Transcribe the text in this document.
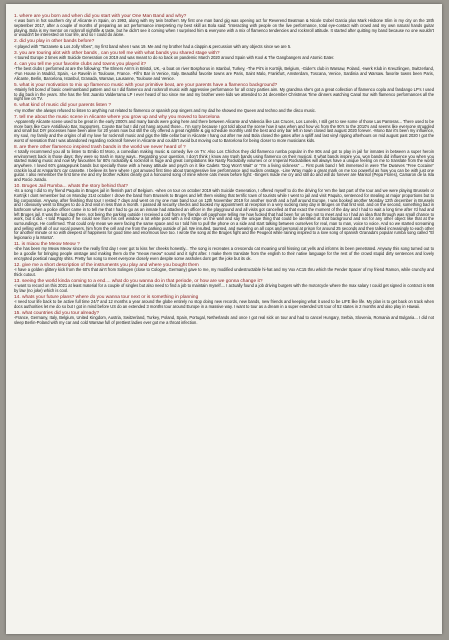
1. where are you born and when did you start with your One Man Band and why?

-I was born in hot southern city of Alicante in Spain, on 1993, along with my twin brother!. My first one man band gig was opening act for Reverend Beatman & Nicole Izobel Garcia plus Mark Hisbone Slim in my city on the 18th september 2017, after a couple of months of preparing an act performance interpreting my best skill as Bola said: "interacting with people on the live performance, total eye-contact with crowd and my own natural hands guitar playing. Bola is my mentor on rocknroll nightlife & taste, but he didn't see it coming when I surprised him & everyone with a mix of flamenco tendencies and rocknroll attitude. It started after quitting my band because no one wouldn't or wouldn't be interested on tour life, and so I could do alone.

2. did you play in other bands before?

-I played with "Tarzanete & Los Jolly Vibes", my first band when I was 19. Me and my brother had a clappin & percussion with any objects since we are 5.

3. you are touring alot with other bands , can you tell me with what bands you shared stage with?

-I toured Europe 2 times with Suicide Generation on 2019 and was meant to do so back on pandemic March 2020 around Spain with Kool & The Gangbangers and Atomic Eater.

4. can you tell me your favorite clubs and towns you played it?

-The best clubs I performed at are the following: The Elmers Arm's in Bristol, UK, -a boat on river Bosphorus in Istanbul, Turkey, -The Pit's in Kortrijk, Belgium, -Gider's club in Warsaw, Poland, -Iwerk Klub in Kreuzlingen, Switzerland, -Fun House in Madrid, Spain, -Le Ravelin in Toulouse, France. -Fifi's Bar in Venice, Italy. Beautiful favorite towns are Paris, Saint Malo, Frankfurt, Amsterdam, Toscana, Venice, Sardinia and Warsaw. favorite towns been Paris, Alicante, Berlin, Barcelona, Istanbul, Granada, Warsaw, Lausanne, Toulouse and Venice.

5. what is your motivation to mix up flamenco music with your primitive beat, are your parents have a flamenco background?

-Mainly felt bored of basic one/mamband pattern and so I did flamenco and rocknroll music with aggressive performance for all crazy parties aim. My grandma she's got a great collection of flamenco copla and fandango LP's I used to dig back in the years. She has the first Juanito Valderrama LP I ever heard of too since me and my brother were kids we attended to 24 december Christmas Time dinners watching Canal Sur with flamenco performances all the night live on TV.

6. what kind of music did your parents listen ?

-my mother she always refused to listen to anything not related to flamenco or spanish pop singers and my dad he showed me Queen and techno and the disco music.

7. tell me about the music scene in Alicante where you grow up and why you moved to barcelona

-Apparently Alicante scene used to be great in the early 2000's and many bands were going here and there between Alicante and Valencia like Las Cruces, Los Lonelin, I still get to see some of those Las Panteras... There used to be more bars like Cure Antidiluvio Bar, Supporters, Coyote Bar but I did not hang around those... I'm sorry because I got told about the scene how it was when and how vic from the 90's to the 2010's and seems like everyone struggled and small but DIY processes have been alive for 20 years now but still the city offered a great nightlife & gig schedule monthly until the best and only bar left in town closed last august 2020 forever. -Mono Bar it's been my influence, my soul, my family and the origins of all my love for rocknroll music and gigs the little cellar bar in Alicante I hang out after me and Bola closed the gates after a spliff and last vinyl ripping afterhours on mid august past 2020 I got the worst of sensation that I was abandoned regarding rocknroll forever in Alicante and couldn't avoid but moving out to Barcelona for being closer to more musicians kids.

8. are there other flamenco inspired trash bands in the world we never heard of ?

-I totally recommend you all to listen to Emilio El Moro, a comedian making music & comedy live on TV. Also Los Chichos they did flamenco rumba popular in the 80s and got to play in jail for inmates in between a super heroin environment back in those days; they were so trash in many ways.. Regarding your question, I don't think I know any trash bands using flamenco on their musical. It what bands inspire you, won bands did influence you when you started making music and now My favourites for 80's rockabilly & rocknroll is huge and great compilations like Nasty Rockabilly volumes or or Imperial Rockabillies will always have a unique feeling on me to translate from the world anywhere. I loved 60's garagepunk bands but specially those with a heavy attitude and psych on it like Cadets "Dog Won't Wait" or "I'm a living sickness" ... First punk band I felt immersed in were The Dwarves "Free Cocaine" crackin loud at Amparito's car cassette. I believe its here where I got amused first time about transgressive live performance and nudism onstage. -Line Wray made a great mark on me too powerful as how you can be with just one guitar. I also remember the first time me and my brother Adkins clearly got a honoured song of mine where cats meow before fight: -Singers made me cry and still do and will do forever are Marisol (Pepa Flores), Camaron de la Isla and Rocio Jurado.

10. Bruges Jail Rumba... whats the story behind that?

-its a song I did to my friend Paquito in Bruges jail in flemish part of Belgium. -when on tour on october 2019 with Suicide Generation, I offered myself to do the driving for 'em the last part of the tour and we were playing Brussels or Kortrijk I dont remember but on Monday 21st october I drove the band from Brussels to Bruges and left them visiting that terrific town of tourists while I went to jail and visit Paquito, sentenced for stealing at major proportions but to big corporation. Anyway, after finishing that tour I rested 7 days and went on my one man band tour on 12th November 2019 for another month and a half around Europe, I was booked another Monday 12th december in Brussels and I obviously went to Bruges to do a 2nd visit in less than a month. I passed all security checks and booked my appointment at reception in a very sucking rainy day in Bruges on that first visit. and on the second, something bad in bathroom when a police officer came in to tell me that I had to go as an inmate had attacked an officer in the playground and all visits got cancelled at that exact the moment of the day and I had to wait a long time after I'd had and left Bruges jail. It was the last day there, not being the parking outside I received a call from my friends cell payphone telling me how fucked that had been for us two not to meet and so I had an idea that through was small chance to work, but it did. -I told Paquito if he could see from his cell window a lot white post with a red stripe on the wall and say the unique thing that could be identified at that background and not for any other object like that at the surroundings. He confirmed. That could only mean we were facing the same space and so I told him to pull the phone on a side and start talking between ourselves for real, man to man, voice to voice. And so we started screaming and yelling with all of our vocal powers, him from the cell and me from the parking outside of jail. We insulted, taunted, and swearing on all cops and personal at prison for around 25 seconds and then talked increasingly to each other for another minute or so with deepest of happiness for good time and enormous love too. I wrote the song at the Bruges fight and the Peugeot while raining inspired to a love song of spanish Granada's popular rumba song called "El legionario y la Monta".

11. is miaou the Meow Meow ?

-she has been my Meow Meow since the really first day I ever got to kiss her cheeks honestly... The song is recreates a crescendo cat moaning until hissing cat yells and informs its been penetrated. Anyway this song turned out to be a goodie for bringing people onstage and making them do the "meow meow" sound and it right after. I make them translate from the english to their native language for the rest of the crowd stupid dirty sentences and lovely encrypted poetical naughty shits. Pretty fun song to meet everyone closely even despite some assholes dont get the joke but its ok.

12. give me a short description of the instruments you play and where you bought them

-I have a golden glittery kick from the 60's that ain't from Solingen (close to Cologne, Germany) gave to me, my modified undestructable hi-hat and my Vox AC15 thru which the Fender Spacer of my friend Ramon, while crunchy and thick cutout.

13. seeing the world kinda coming to a end.... what do you wanna do in that periode, or how are we gonna change it?

-I want to record on this 2021 at least material for a couple of singles but also need to find a job to maintain myself.... I actually found a job driving burgers with the motorcycle where the max salary I could get signed in contract is 666 by law (no joke) which is cool.

14. whats your future plans? where do you wanna tour next or is something in planning

-I need tour life back to be active full time 24/7 and 12 months a year around the globe entirely no stop doing new records, new bands, new friends and keeping what it used to be LIFE like life. My plan is to get back on track when docs authorities let me do so but I got in mind before US do an extended 3 months tour around Europe in a massive way. I want to tour as a dream in a super extended US tour of 52 states in 2 months and also play in Hawaii.

15. what countries did you tour already?

-France, Germany, Italy, Belgium, United Kingdom, Austria, Switzerland, Turkey, Poland, Spain, Portugal, Netherlands and once I got real sick on tour and had to cancel Hungary, Serbia, Slovenia, Romania and Bulgaria... I did not sleep Berlin-Poland with my car and cold Warsaw full of prettiest ladies ever got me a throat infection.
